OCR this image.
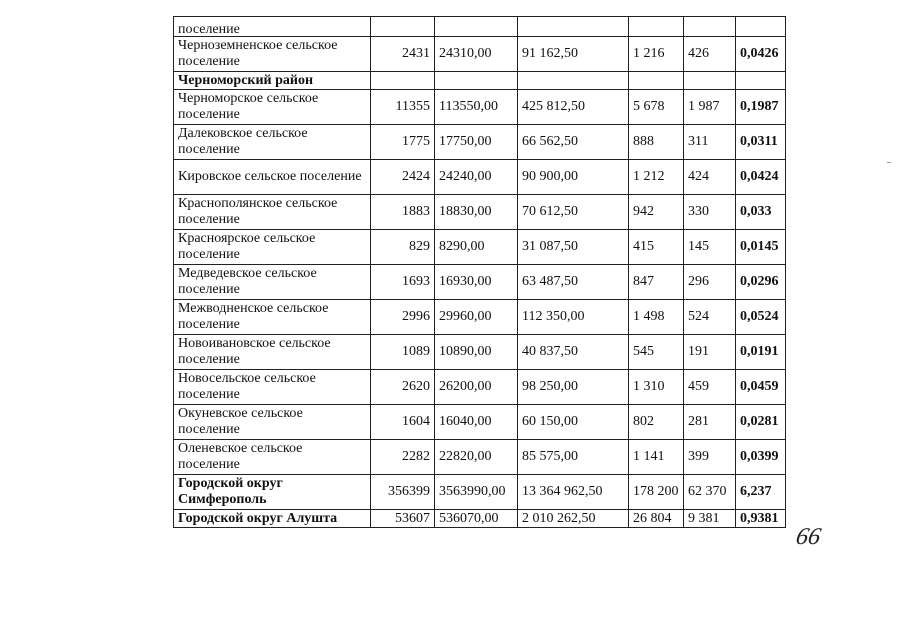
поселение						
Черноземненское сельское поселение	2431	24310,00	91 162,50	1 216	426	0,0426
Черноморский район						
Черноморское сельское поселение	11355	113550,00	425 812,50	5 678	1 987	0,1987
Далековское сельское поселение	1775	17750,00	66 562,50	888	311	0,0311
Кировское сельское поселение	2424	24240,00	90 900,00	1 212	424	0,0424
Краснополянское сельское поселение	1883	18830,00	70 612,50	942	330	0,033
Красноярское сельское поселение	829	8290,00	31 087,50	415	145	0,0145
Медведевское сельское поселение	1693	16930,00	63 487,50	847	296	0,0296
Межводненское сельское поселение	2996	29960,00	112 350,00	1 498	524	0,0524
Новоивановское сельское поселение	1089	10890,00	40 837,50	545	191	0,0191
Новосельское сельское поселение	2620	26200,00	98 250,00	1 310	459	0,0459
Окуневское сельское поселение	1604	16040,00	60 150,00	802	281	0,0281
Оленевское сельское поселение	2282	22820,00	85 575,00	1 141	399	0,0399
Городской округ Симферополь	356399	3563990,00	13 364 962,50	178 200	62 370	6,237
Городской округ Алушта	53607	536070,00	2 010 262,50	26 804	9 381	0,9381
66
